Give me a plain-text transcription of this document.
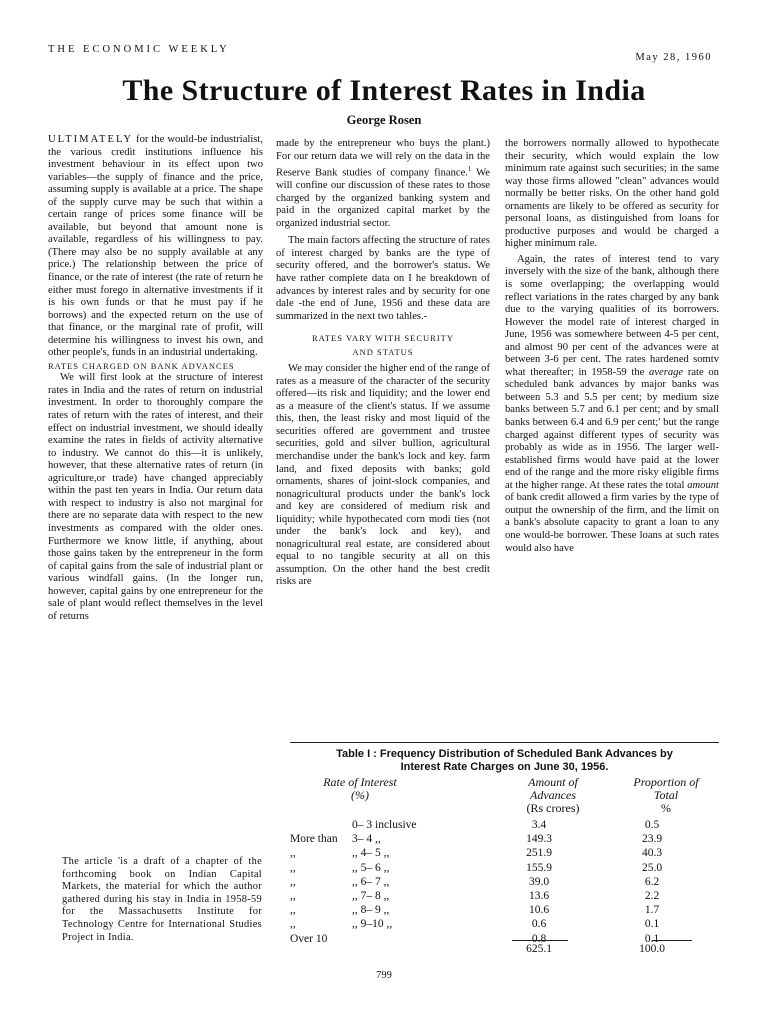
THE ECONOMIC WEEKLY
May 28, 1960
The Structure of Interest Rates in India
George Rosen

ULTIMATELY for the would-be industrialist, the various credit institutions influence his investment behaviour in its effect upon two variables—the supply of finance and the price, assuming supply is available at a price. The shape of the supply curve may be such that within a certain range of prices some finance will be available, but beyond that amount none is available, regardless of his willingness to pay. (There may also be no supply available at any price.) The relationship between the price of finance, or the rate of interest (the rate of return he either must forego in alternative investments if it is his own funds or that he must pay if he borrows) and the expected return on the use of that finance, or the marginal rate of profit, will determine his willingness to invest his own, and other people's, funds in an industrial undertaking.

RATES CHARGED ON BANK ADVANCES

We will first look at the structure of interest rates in India and the rates of return on industrial investment. In order to thoroughly compare the rates of return with the rates of interest, and their effect on industrial investment, we should ideally examine the rates in fields of activity alternative to industry. We cannot do this—it is unlikely, however, that these alternative rates of return (in agriculture,or trade) have changed appreciably within the past ten years in India. Our return data with respect to industry is also not marginal for there are no separate data with respect to the new investments as compared with the older ones. Furthermore we know little, if anything, about those gains taken by the entrepreneur in the form of capital gains from the sale of industrial plant or various windfall gains. (In the longer run, however, capital gains by one entrepreneur for the sale of plant would reflect themselves in the level of returns

The article 'is a draft of a chapter of the forthcoming book on Indian Capital Markets, the material for which the author gathered during his stay in India in 1958-59 for the Massachusetts Institute for Technology Centre for International Studies Project in India.

made by the entrepreneur who buys the plant.) For our return data we will rely on the data in the Reserve Bank studies of company finance.$^1$ We will confine our discussion of these rates to those charged by the organized banking system and paid in the organized capital market by the organized industrial sector.

The main factors affecting the structure of rates of interest charged by banks are the type of security offered, and the borrower's status. We have rather complete data on I he breakdown of advances by interest rales and by security for one dale -the end of June, 1956 and these data are summarized in the next two tahles.-

RATES VARY WITH SECURITY
AND STATUS

We may consider the higher end of the range of rates as a measure of the character of the security offered—its risk and liquidity; and the lower end as a measure of the client's status. If we assume this, then, the least risky and most liquid of the securities offered are government and trustee securities, gold and silver bullion, agricultural merchandise under the bank's lock and key. farm land, and fixed deposits with banks; gold ornaments, shares of joint-slock companies, and nonagricultural products under the bank's lock and key are considered of medium risk and liquidity; while hypothecated corn modi ties (not under the bank's lock and key), and nonagricultural real estate, are considered about equal to no tangible security at all on this assumption. On the other hand the best credit risks are

the borrowers normally allowed to hypothecate their security, which would explain the low minimum rate against such securities; in the same way those firms allowed "clean" advances would normally be better risks. On the other hand gold ornaments are likely to be offered as security for personal loans, as distinguished from loans for productive purposes and would be charged a higher minimum rale.

Again, the rates of interest tend to vary inversely with the size of the bank, although there is some overlapping; the overlapping would reflect variations in the rates charged by any bank due to the varying qualities of its borrowers. However the model rate of interest charged in June, 1956 was somewhere between 4-5 per cent, and almost 90 per cent of the advances were at between 3-6 per cent. The rates hardened somtv what thereafter; in 1958-59 the average rate on scheduled bank advances by major banks was between 5.3 and 5.5 per cent; by medium size banks between 5.7 and 6.1 per cent; and by small banks between 6.4 and 6.9 per cent;' but the range charged against different types of security was probably as wide as in 1956. The larger well-established firms would have paid at the lower end of the range and the more risky eligible firms at the higher range. At these rates the total amount of bank credit allowed a firm varies by the type of output the ownership of the firm, and the limit on a bank's absolute capacity to grant a loan to any one would-be borrower. These loans at such rates would also have

Table I : Frequency Distribution of Scheduled Bank Advances by
Interest Rate Charges on June 30, 1956.
Rate of Interest
(%)
Amount of
Advances
(Rs crores)
Proportion of
Total
%
0– 3 inclusive	3.4	0.5
More than 3– 4 ,,	149.3	23.9
,,	,, 4– 5 ,,	251.9	40.3
,,	,, 5– 6 ,,	155.9	25.0
,,	,, 6– 7 ,,	39.0	6.2
,,	,, 7– 8 ,,	13.6	2.2
,,	,, 8– 9 ,,	10.6	1.7
,,	,, 9–10 ,,	0.6	0.1
Over 10	0.8	0.1
625.1	100.0
799
